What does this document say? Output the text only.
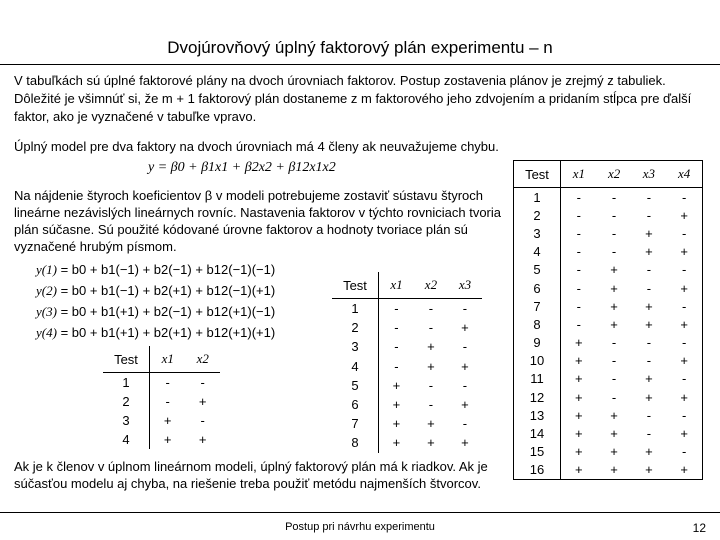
Dvojúrovňový úplný faktorový plán experimentu – n
V tabuľkách sú úplné faktorové plány na dvoch úrovniach faktorov. Postup zostavenia plánov je zrejmý z tabuliek. Dôležité je všimnúť si, že m + 1 faktorový plán dostaneme z m faktorového jeho zdvojením a pridaním stĺpca pre ďalší faktor, ako je vyznačené v tabuľke vpravo.
Úplný model pre dva faktory na dvoch úrovniach má 4 členy ak neuvažujeme chybu.
y = β0 + β1x1 + β2x2 + β12x1x2
Na nájdenie štyroch koeficientov β v modeli potrebujeme zostaviť sústavu štyroch lineárne nezávislých lineárnych rovníc. Nastavenia faktorov v týchto rovniciach tvoria plán súčasne. Sú použité kódované úrovne faktorov a hodnoty tvoriace plán sú vyznačené hrubým písmom.
y(1) = b0 + b1(−1) + b2(−1) + b12(−1)(−1)
y(2) = b0 + b1(−1) + b2(+1) + b12(−1)(+1)
y(3) = b0 + b1(+1) + b2(−1) + b12(+1)(−1)
y(4) = b0 + b1(+1) + b2(+1) + b12(+1)(+1)
Test	x1	x2
1	-	-
2	-	+
3	+	-
4	+	+
Test	x1	x2	x3
1	-	-	-
2	-	-	+
3	-	+	-
4	-	+	+
5	+	-	-
6	+	-	+
7	+	+	-
8	+	+	+
Test	x1	x2	x3	x4
1	-	-	-	-
2	-	-	-	+
3	-	-	+	-
4	-	-	+	+
5	-	+	-	-
6	-	+	-	+
7	-	+	+	-
8	-	+	+	+
9	+	-	-	-
10	+	-	-	+
11	+	-	+	-
12	+	-	+	+
13	+	+	-	-
14	+	+	-	+
15	+	+	+	-
16	+	+	+	+
Ak je k členov v úplnom lineárnom modeli, úplný faktorový plán má k riadkov. Ak je súčasťou modelu aj chyba, na riešenie treba použiť metódu najmenších štvorcov.
Postup pri návrhu experimentu	12
